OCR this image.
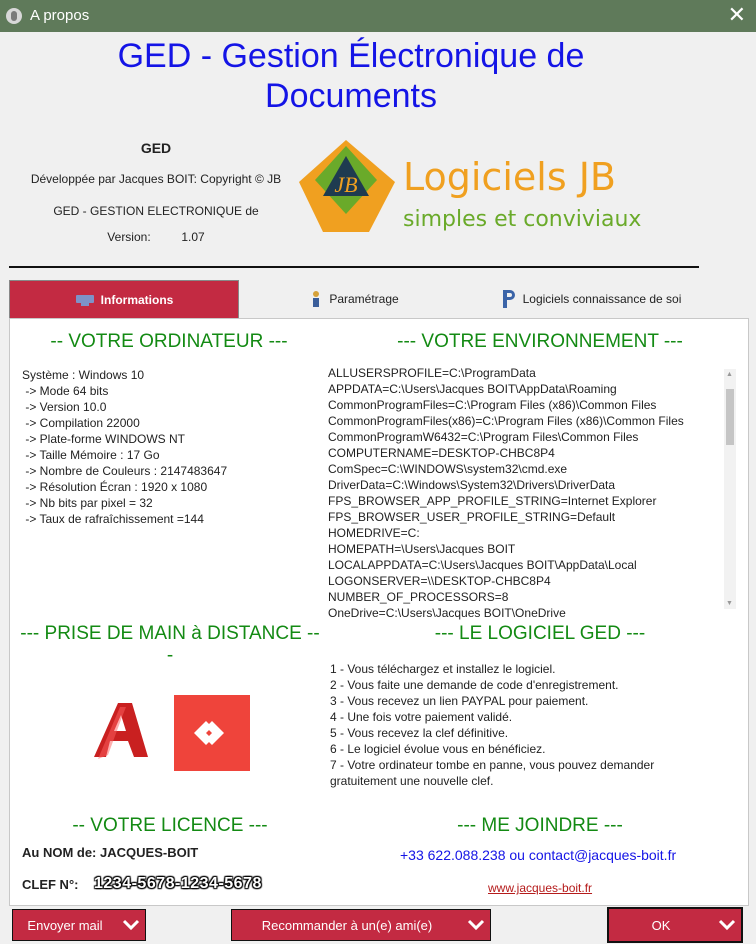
A propos	✕
GED - Gestion Électronique de
Documents
GED
Développée par Jacques BOIT: Copyright © JB
GED - GESTION ELECTRONIQUE de
Version:	1.07
JB Logiciels JB
simples et conviviaux
Informations	Paramétrage	Logiciels connaissance de soi
-- VOTRE ORDINATEUR ---
Système : Windows 10
-> Mode 64 bits
-> Version 10.0
-> Compilation 22000
-> Plate-forme WINDOWS NT
-> Taille Mémoire : 17 Go
-> Nombre de Couleurs : 2147483647
-> Résolution Écran : 1920 x 1080
-> Nb bits par pixel = 32
-> Taux de rafraîchissement =144
--- VOTRE ENVIRONNEMENT ---
ALLUSERSPROFILE=C:\ProgramData
APPDATA=C:\Users\Jacques BOIT\AppData\Roaming
CommonProgramFiles=C:\Program Files (x86)\Common Files
CommonProgramFiles(x86)=C:\Program Files (x86)\Common Files
CommonProgramW6432=C:\Program Files\Common Files
COMPUTERNAME=DESKTOP-CHBC8P4
ComSpec=C:\WINDOWS\system32\cmd.exe
DriverData=C:\Windows\System32\Drivers\DriverData
FPS_BROWSER_APP_PROFILE_STRING=Internet Explorer
FPS_BROWSER_USER_PROFILE_STRING=Default
HOMEDRIVE=C:
HOMEPATH=\Users\Jacques BOIT
LOCALAPPDATA=C:\Users\Jacques BOIT\AppData\Local
LOGONSERVER=\\DESKTOP-CHBC8P4
NUMBER_OF_PROCESSORS=8
OneDrive=C:\Users\Jacques BOIT\OneDrive
▲
▼
--- PRISE DE MAIN à DISTANCE ---
--- LE LOGICIEL GED ---
1 - Vous téléchargez et installez le logiciel.
2 - Vous faite une demande de code d'enregistrement.
3 - Vous recevez un lien PAYPAL pour paiement.
4 - Une fois votre paiement validé.
5 - Vous recevez la clef définitive.
6 - Le logiciel évolue vous en bénéficiez.
7 - Votre ordinateur tombe en panne, vous pouvez demander gratuitement une nouvelle clef.
-- VOTRE LICENCE ---
Au NOM de: JACQUES-BOIT
CLEF N°: 1234-5678-1234-5678
--- ME JOINDRE ---
+33 622.088.238 ou contact@jacques-boit.fr
www.jacques-boit.fr
Envoyer mail	Recommander à un(e) ami(e)	OK
